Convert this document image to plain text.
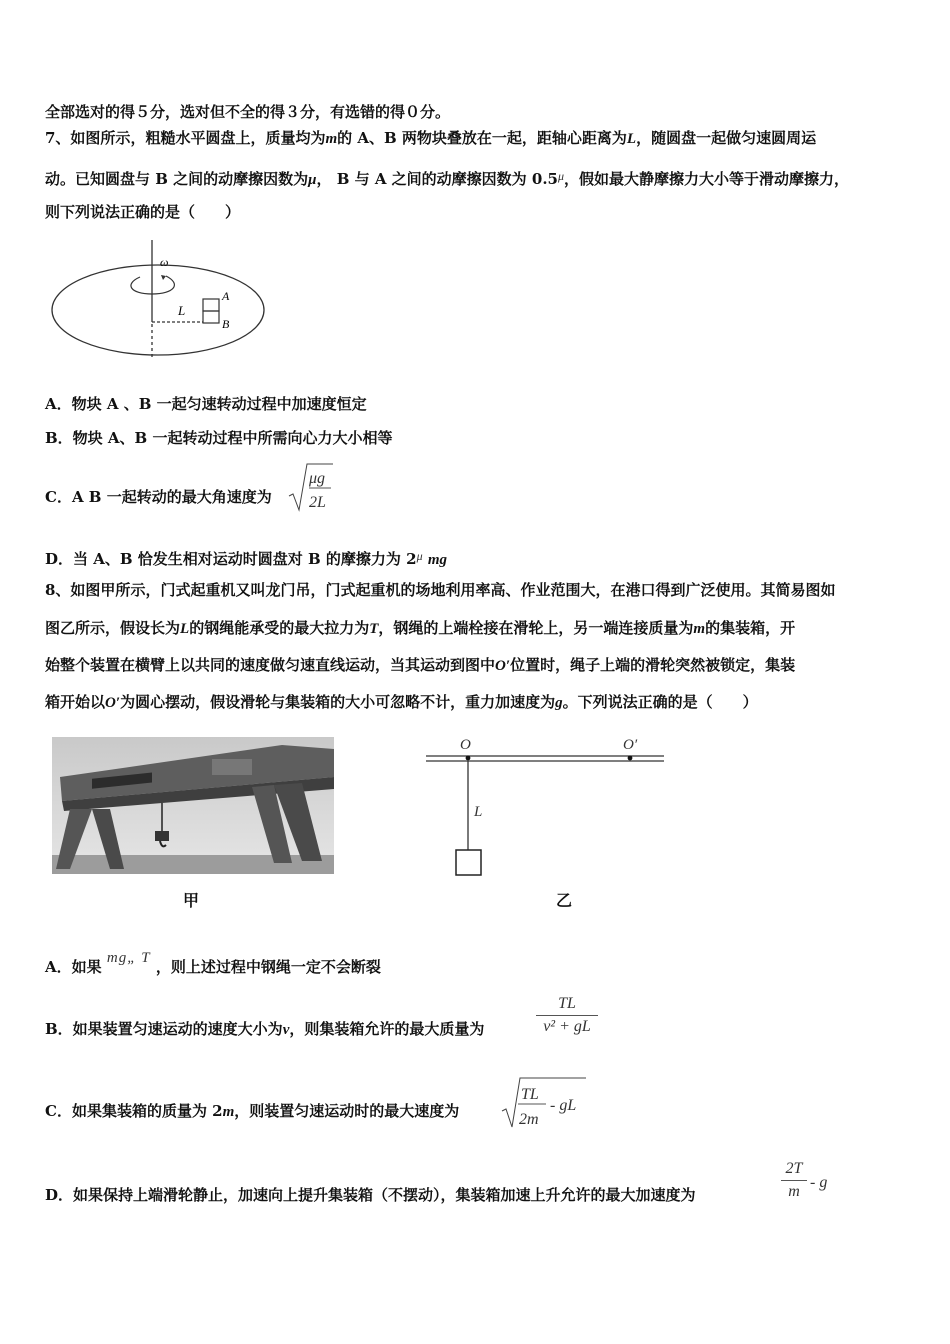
全部选对的得５分，选对但不全的得３分，有选错的得０分。
7、如图所示，粗糙水平圆盘上，质量均为m的 A、B 两物块叠放在一起，距轴心距离为L，随圆盘一起做匀速圆周运
动。已知圆盘与 B 之间的动摩擦因数为μ， B 与 A 之间的动摩擦因数为 $0.5^\mu$，假如最大静摩擦力大小等于滑动摩擦力，
则下列说法正确的是（　　）
ω
L
A
B
A．物块 A 、B 一起匀速转动过程中加速度恒定
B．物块 A、B 一起转动过程中所需向心力大小相等
C．A B 一起转动的最大角速度为
μg
2L
D．当 A、B 恰发生相对运动时圆盘对 B 的摩擦力为 $2^\mu$ mg
8、如图甲所示，门式起重机又叫龙门吊，门式起重机的场地利用率高、作业范围大，在港口得到广泛使用。其简易图如
图乙所示，假设长为L的钢绳能承受的最大拉力为T，钢绳的上端栓接在滑轮上，另一端连接质量为m的集装箱，开
始整个装置在横臂上以共同的速度做匀速直线运动，当其运动到图中O′位置时，绳子上端的滑轮突然被锁定，集装
箱开始以O′为圆心摆动，假设滑轮与集装箱的大小可忽略不计，重力加速度为g。下列说法正确的是（　　）
甲
O	O′
L
乙
A．如果 mg„ T ，则上述过程中钢绳一定不会断裂
B．如果装置匀速运动的速度大小为v，则集装箱允许的最大质量为	$\frac{TL}{\text{v² + gL}}$
C．如果集装箱的质量为 2m，则装置匀速运动时的最大速度为
TL
2m
- gL
D．如果保持上端滑轮静止，加速向上提升集装箱（不摆动），集装箱加速上升允许的最大加速度为	$\frac{2T}{m}$ - g
